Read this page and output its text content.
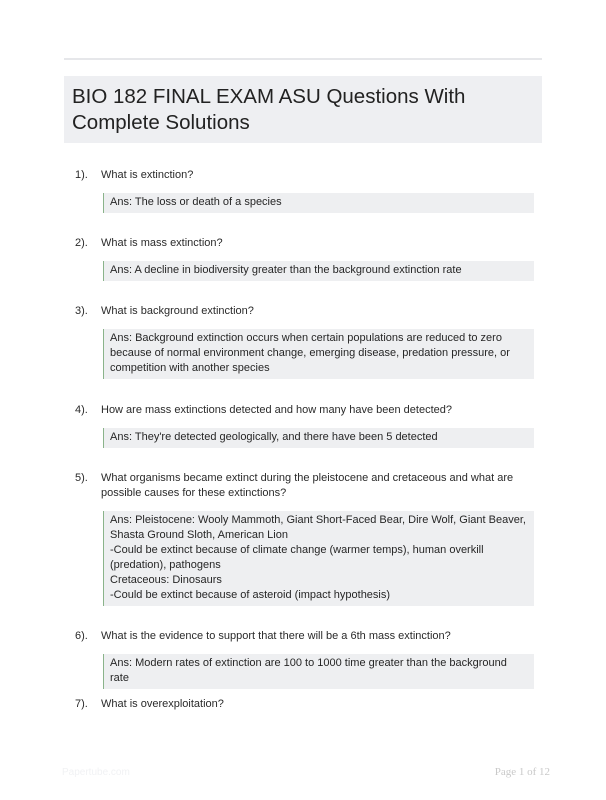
BIO 182 FINAL EXAM ASU Questions With Complete Solutions
1). What is extinction?
Ans: The loss or death of a species
2). What is mass extinction?
Ans: A decline in biodiversity greater than the background extinction rate
3). What is background extinction?
Ans: Background extinction occurs when certain populations are reduced to zero because of normal environment change, emerging disease, predation pressure, or competition with another species
4). How are mass extinctions detected and how many have been detected?
Ans: They're detected geologically, and there have been 5 detected
5). What organisms became extinct during the pleistocene and cretaceous and what are possible causes for these extinctions?
Ans: Pleistocene: Wooly Mammoth, Giant Short-Faced Bear, Dire Wolf, Giant Beaver, Shasta Ground Sloth, American Lion
-Could be extinct because of climate change (warmer temps), human overkill (predation), pathogens
Cretaceous: Dinosaurs
-Could be extinct because of asteroid (impact hypothesis)
6). What is the evidence to support that there will be a 6th mass extinction?
Ans: Modern rates of extinction are 100 to 1000 time greater than the background rate
7). What is overexploitation?
Papertube.com	Page 1 of 12
